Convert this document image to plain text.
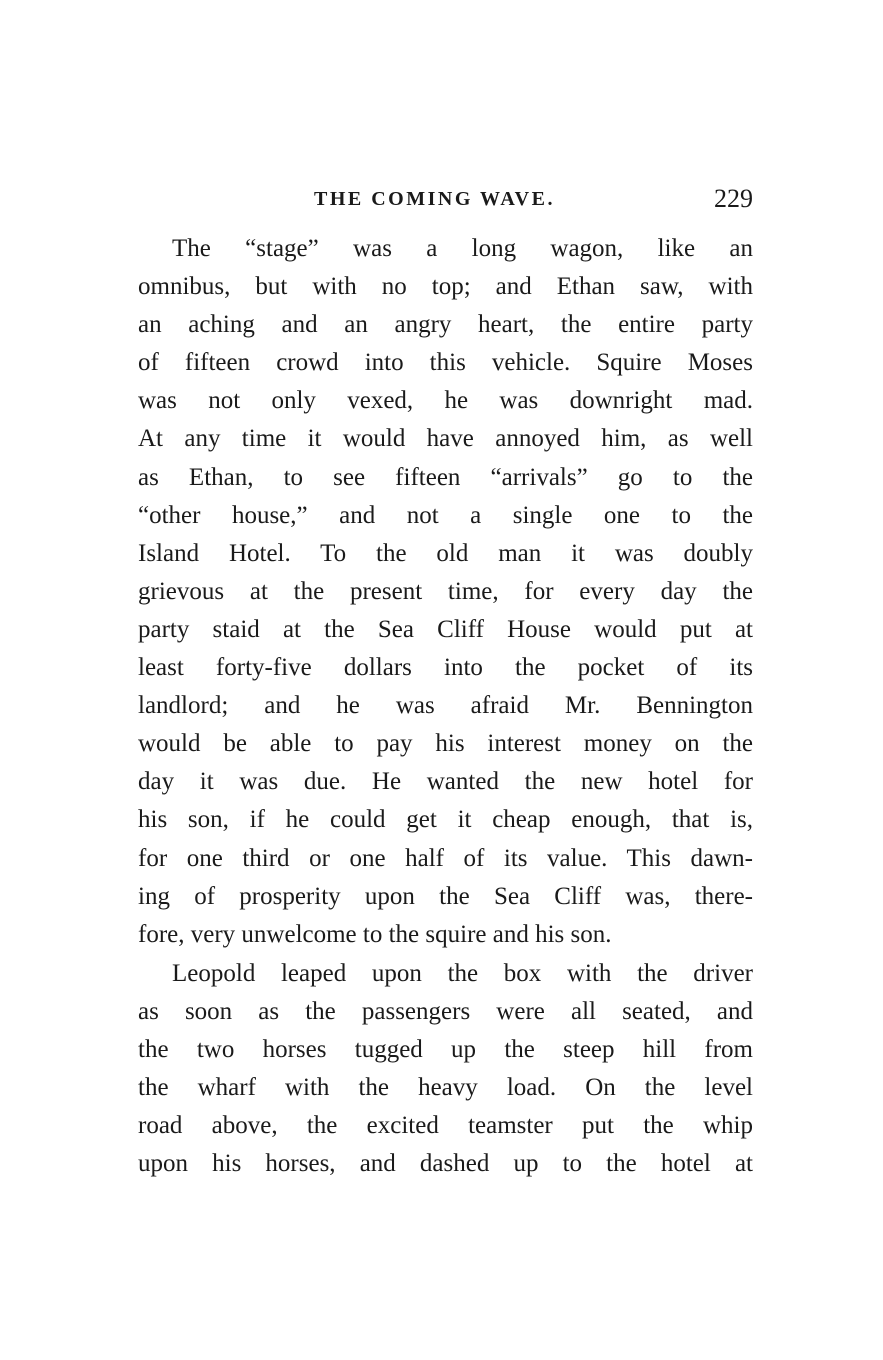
THE COMING WAVE.	229
The “stage” was a long wagon, like an
omnibus, but with no top; and Ethan saw, with
an aching and an angry heart, the entire party
of fifteen crowd into this vehicle. Squire Moses
was not only vexed, he was downright mad.
At any time it would have annoyed him, as well
as Ethan, to see fifteen “arrivals” go to the
“other house,” and not a single one to the
Island Hotel. To the old man it was doubly
grievous at the present time, for every day the
party staid at the Sea Cliff House would put at
least forty-five dollars into the pocket of its
landlord; and he was afraid Mr. Bennington
would be able to pay his interest money on the
day it was due. He wanted the new hotel for
his son, if he could get it cheap enough, that is,
for one third or one half of its value. This dawn-
ing of prosperity upon the Sea Cliff was, there-
fore, very unwelcome to the squire and his son.
Leopold leaped upon the box with the driver
as soon as the passengers were all seated, and
the two horses tugged up the steep hill from
the wharf with the heavy load. On the level
road above, the excited teamster put the whip
upon his horses, and dashed up to the hotel at
